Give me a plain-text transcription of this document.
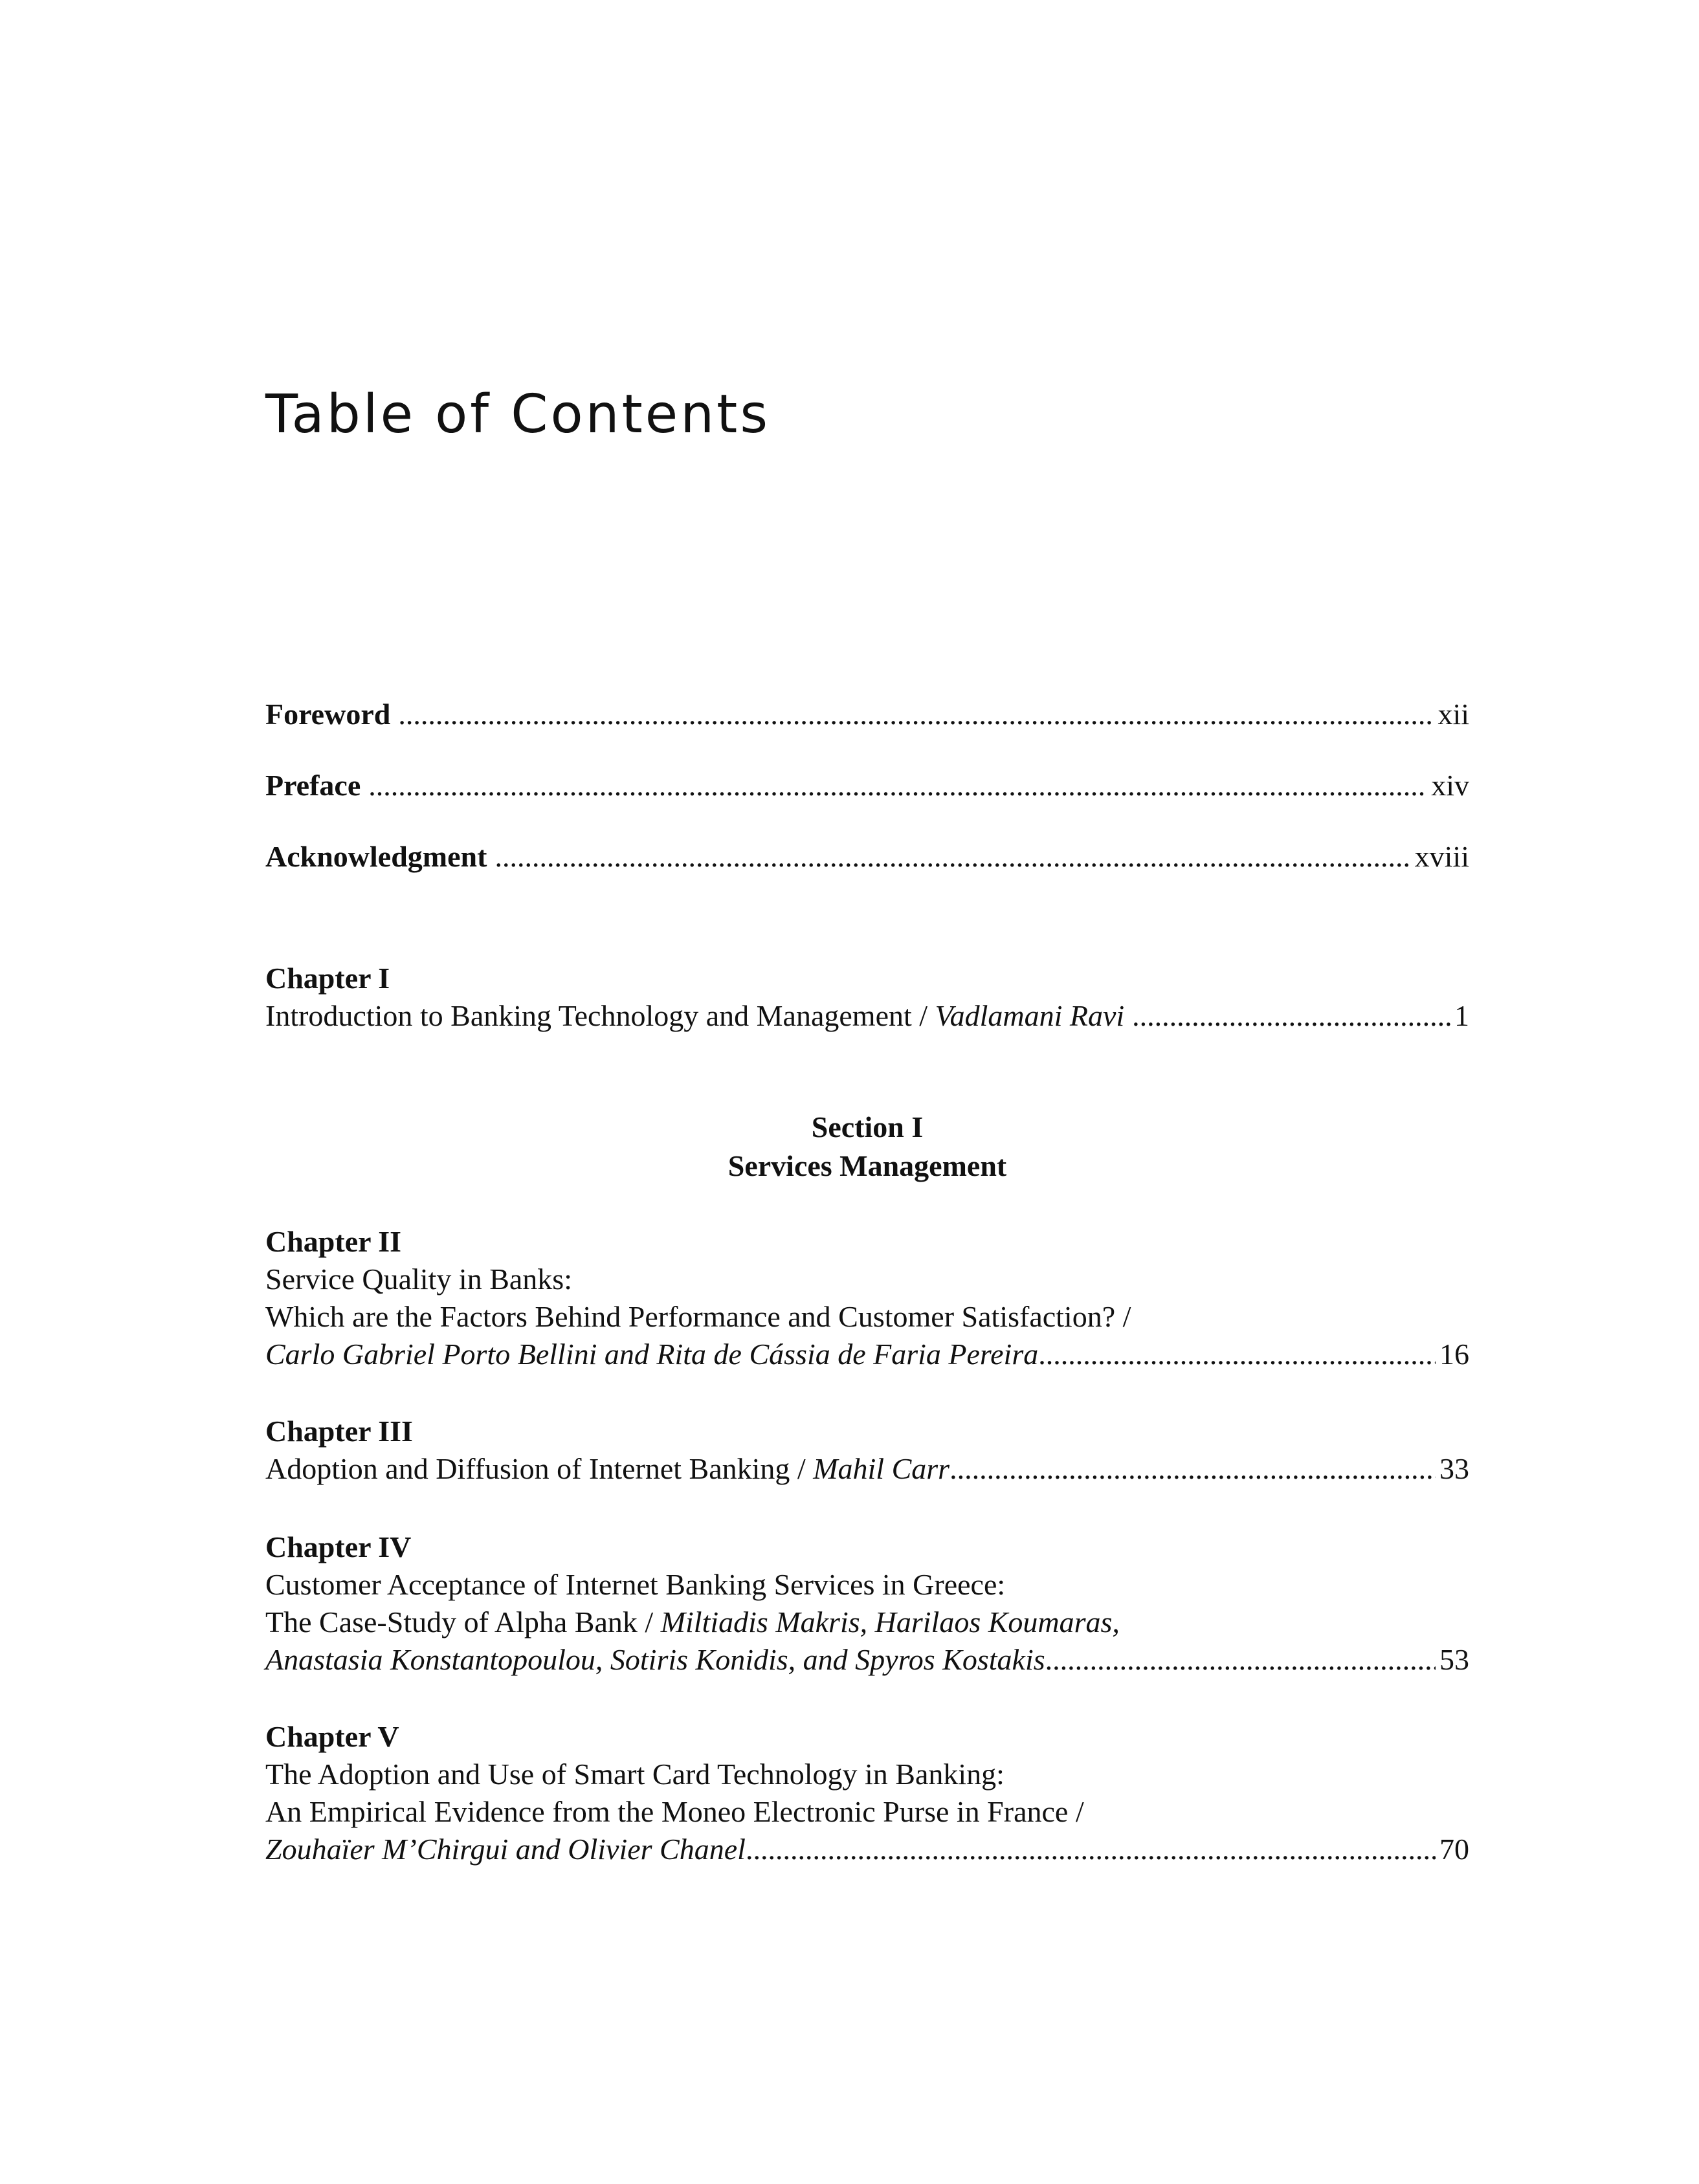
Table of Contents
Foreword .....	xii
Preface .....	xiv
Acknowledgment .....	xviii
Chapter I
Introduction to Banking Technology and Management /
Vadlamani Ravi .....	1
Section I
Services Management
Chapter II
Service Quality in Banks:
Which are the Factors Behind Performance and Customer Satisfaction? /
Carlo Gabriel Porto Bellini and Rita de Cássia de Faria Pereira .....	16
Chapter III
Adoption and Diffusion of Internet Banking /
Mahil Carr .....	33
Chapter IV
Customer Acceptance of Internet Banking Services in Greece:
The Case-Study of Alpha Bank / Miltiadis Makris, Harilaos Koumaras,
Anastasia Konstantopoulou, Sotiris Konidis, and Spyros Kostakis .....	53
Chapter V
The Adoption and Use of Smart Card Technology in Banking:
An Empirical Evidence from the Moneo Electronic Purse in France /
Zouhaïer M’Chirgui and Olivier Chanel .....	70
